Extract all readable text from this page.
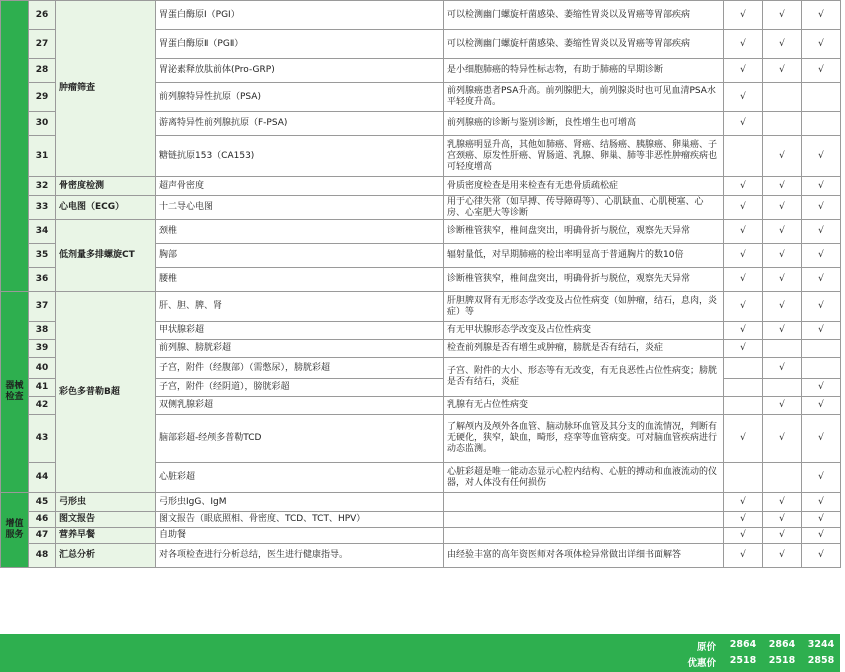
	26	肿瘤筛查	胃蛋白酶原Ⅰ（PGⅠ）	可以检测幽门螺旋杆菌感染、萎缩性胃炎以及胃癌等胃部疾病	√	√	√
	27		胃蛋白酶原Ⅱ（PGⅡ）	可以检测幽门螺旋杆菌感染、萎缩性胃炎以及胃癌等胃部疾病	√	√	√
	28		胃泌素释放肽前体(Pro-GRP)	是小细胞肺癌的特异性标志物，有助于肺癌的早期诊断	√	√	√
	29		前列腺特异性抗原（PSA)	前列腺癌患者PSA升高。前列腺肥大，前列腺炎时也可见血清PSA水平轻度升高。	√		
	30		游离特异性前列腺抗原（F-PSA)	前列腺癌的诊断与鉴别诊断，良性增生也可增高	√		
	31		糖链抗原153（CA153)	乳腺癌明显升高，其他如肺癌、肾癌、结肠癌、胰腺癌、卵巢癌、子宫颈癌、原发性肝癌、胃肠道、乳腺、卵巢、肺等非恶性肿瘤疾病也可轻度增高		√	√
	32	骨密度检测	超声骨密度	骨质密度检查是用来检查有无患骨质疏松症	√	√	√
	33	心电图（ECG）	十二导心电图	用于心律失常（如早搏、传导障碍等）、心肌缺血、心肌梗塞、心房、心室肥大等诊断	√	√	√
	34	低剂量多排螺旋CT	颈椎	诊断椎管狭窄，椎间盘突出，明确骨折与脱位，观察先天异常	√	√	√
	35		胸部	辐射量低，对早期肺癌的检出率明显高于普通胸片的数10倍	√	√	√
	36		腰椎	诊断椎管狭窄，椎间盘突出，明确骨折与脱位，观察先天异常	√	√	√
器械检查	37	彩色多普勒B超	肝、胆、脾、肾	肝胆脾双肾有无形态学改变及占位性病变（如肿瘤，结石，息肉，炎症）等	√	√	√
	38		甲状腺彩超	有无甲状腺形态学改变及占位性病变	√	√	√
	39		前列腺、膀胱彩超	检查前列腺是否有增生或肿瘤，膀胱是否有结石，炎症	√		
	40		子宫，附件（经腹部）（需憋尿），膀胱彩超	子宫、附件的大小、形态等有无改变，有无良恶性占位性病变；膀胱是否有结石，炎症		√	
	41		子宫，附件（经阴道），膀胱彩超				√
	42		双侧乳腺彩超	乳腺有无占位性病变		√	√
	43		脑部彩超-经颅多普勒TCD	了解颅内及颅外各血管、脑动脉环血管及其分支的血流情况，判断有无硬化，狭窄，缺血，畸形，痉挛等血管病变。可对脑血管疾病进行动态监测。	√	√	√
	44		心脏彩超	心脏彩超是唯一能动态显示心腔内结构、心脏的搏动和血液流动的仪器，对人体没有任何损伤			√
增值服务	45	弓形虫	弓形虫IgG、IgM		√	√	√
	46	图文报告	图文报告（眼底照相、骨密度、TCD、TCT、HPV）		√	√	√
	47	营养早餐	自助餐		√	√	√
	48	汇总分析	对各项检查进行分析总结，医生进行健康指导。	由经验丰富的高年资医师对各项体检异常做出详细书面解答	√	√	√
原价	2864	2864	3244
优惠价	2518	2518	2858
